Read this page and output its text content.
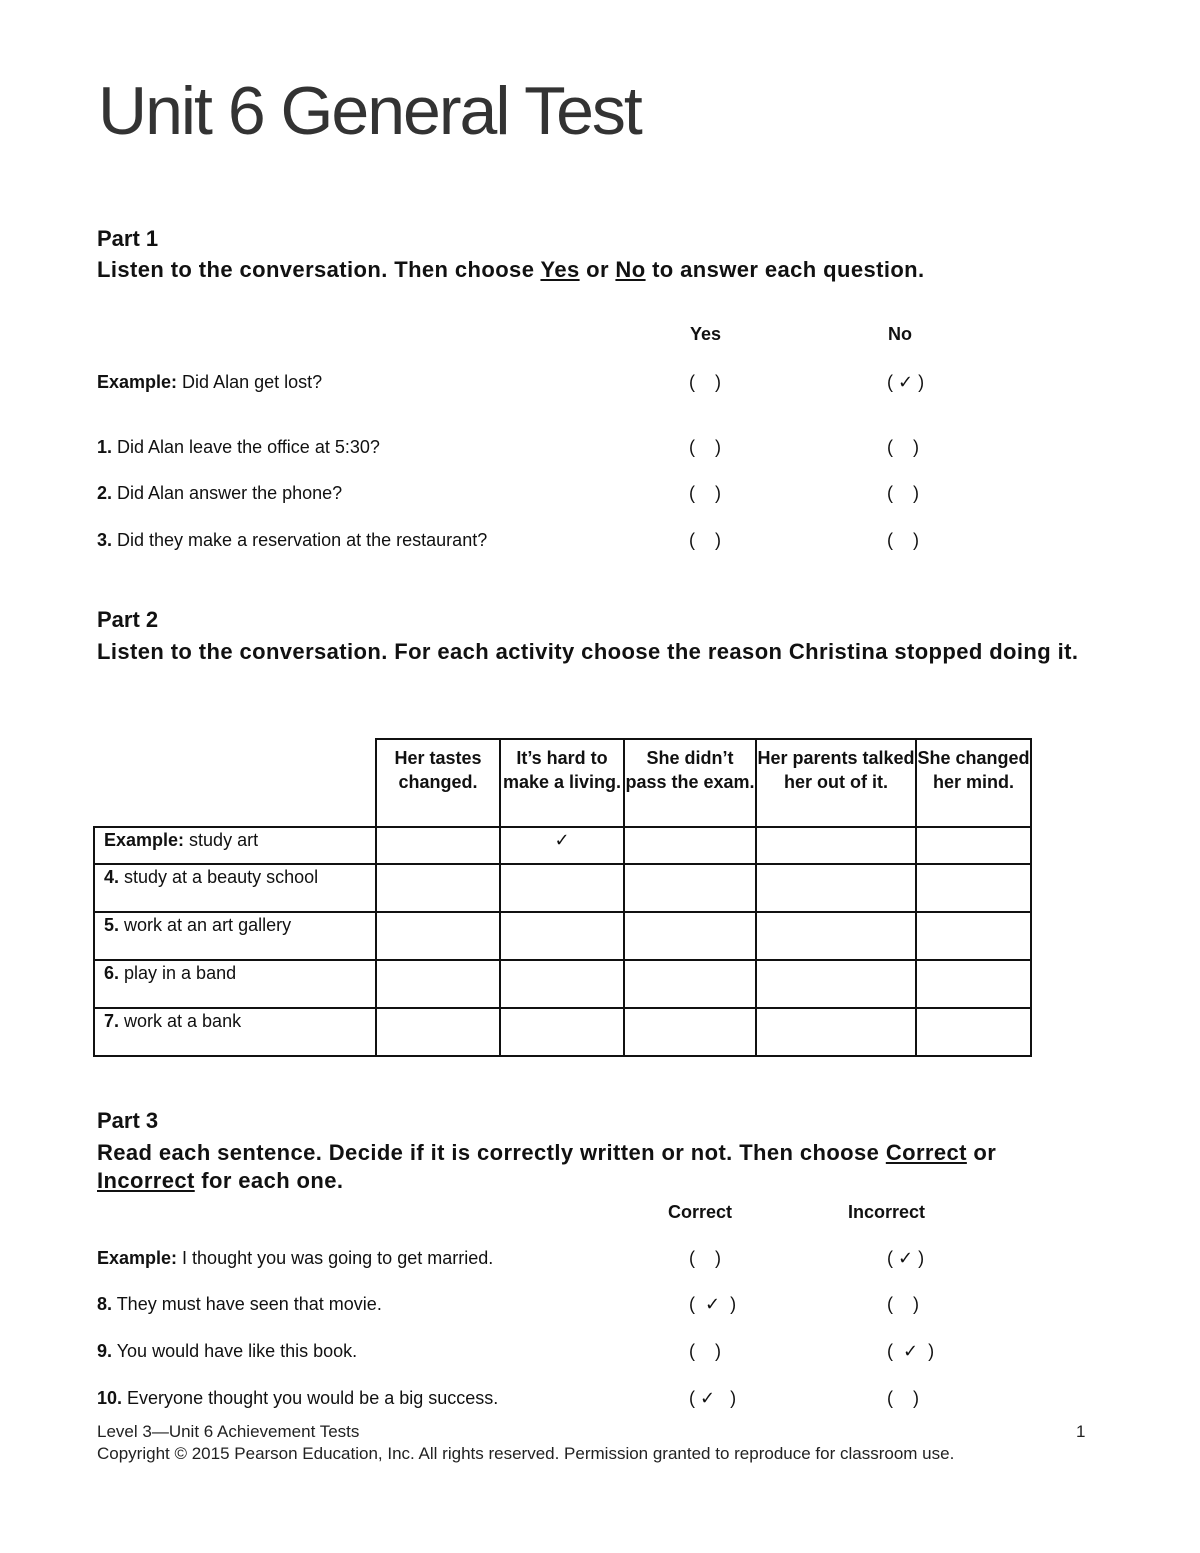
Unit 6 General Test
Part 1
Listen to the conversation. Then choose Yes or No to answer each question.
Yes	No
Example: Did Alan get lost?	(    )	( ✓ )
1. Did Alan leave the office at 5:30?	(    )	(    )
2. Did Alan answer the phone?	(    )	(    )
3. Did they make a reservation at the restaurant?	(    )	(    )
Part 2
Listen to the conversation. For each activity choose the reason Christina stopped doing it.
	Her tastes changed.	It’s hard to make a living.	She didn’t pass the exam.	Her parents talked her out of it.	She changed her mind.
Example: study art		✓			
4. study at a beauty school					
5. work at an art gallery					
6. play in a band					
7. work at a bank					
Part 3
Read each sentence. Decide if it is correctly written or not. Then choose Correct or Incorrect for each one.
Correct	Incorrect
Example: I thought you was going to get married.	(    )	( ✓ )
8. They must have seen that movie.	(  ✓  )	(    )
9. You would have like this book.	(    )	(  ✓  )
10. Everyone thought you would be a big success.	( ✓   )	(    )
Level 3—Unit 6 Achievement Tests	1
Copyright © 2015 Pearson Education, Inc. All rights reserved. Permission granted to reproduce for classroom use.
